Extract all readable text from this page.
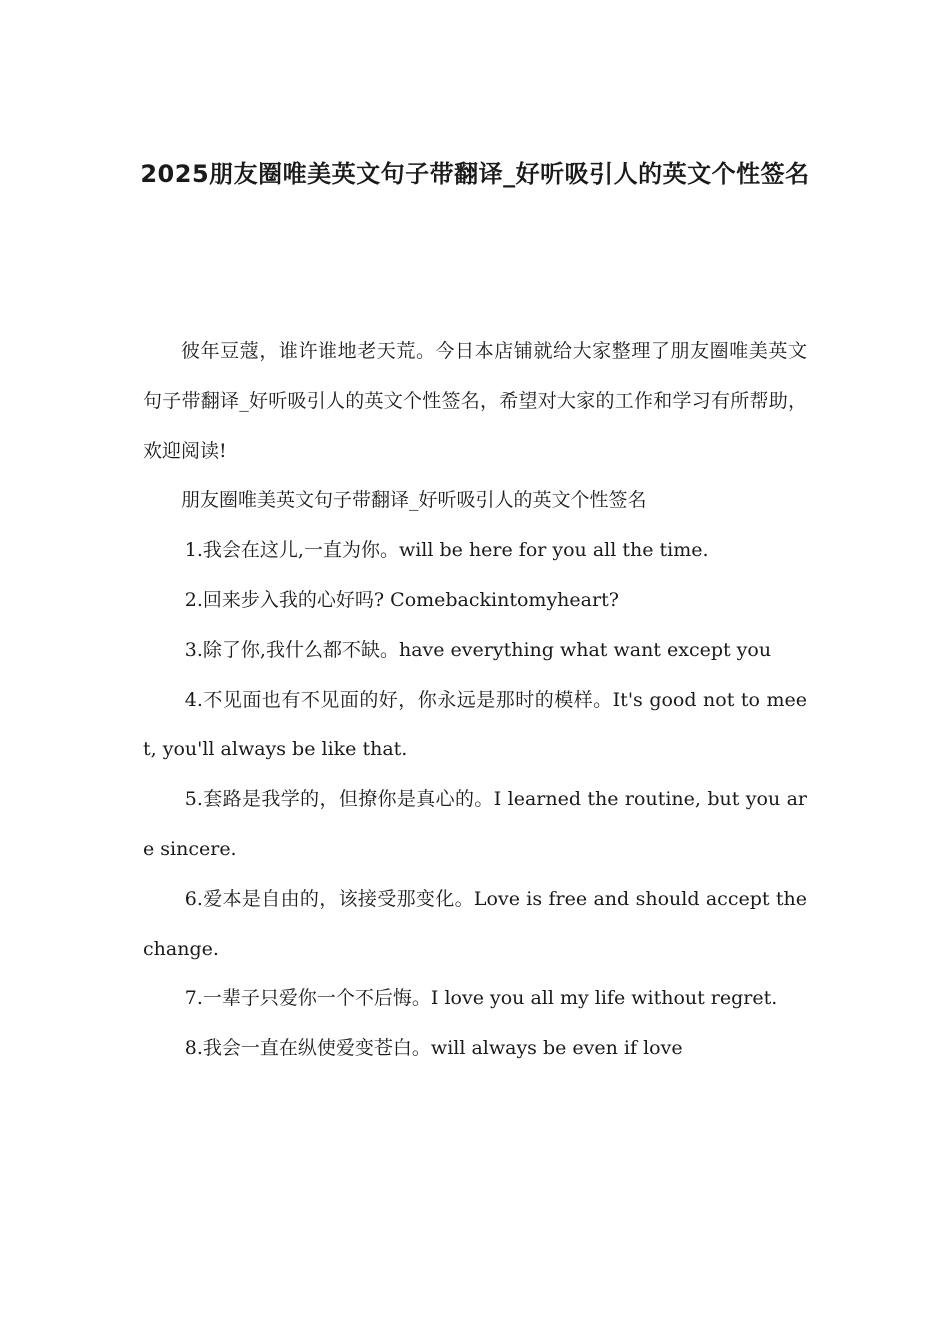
2025朋友圈唯美英文句子带翻译_好听吸引人的英文个性签名

彼年豆蔻，谁许谁地老天荒。今日本店铺就给大家整理了朋友圈唯美英文句子带翻译_好听吸引人的英文个性签名，希望对大家的工作和学习有所帮助，欢迎阅读!

朋友圈唯美英文句子带翻译_好听吸引人的英文个性签名

1.我会在这儿,一直为你。will be here for you all the time.

2.回来步入我的心好吗? Comebackintomyheart?

3.除了你,我什么都不缺。have everything what want except you

4.不见面也有不见面的好，你永远是那时的模样。It's good not to meet, you'll always be like that.

5.套路是我学的，但撩你是真心的。I learned the routine, but you are sincere.

6.爱本是自由的，该接受那变化。Love is free and should accept the change.

7.一辈子只爱你一个不后悔。I love you all my life without regret.

8.我会一直在纵使爱变苍白。will always be even if love
